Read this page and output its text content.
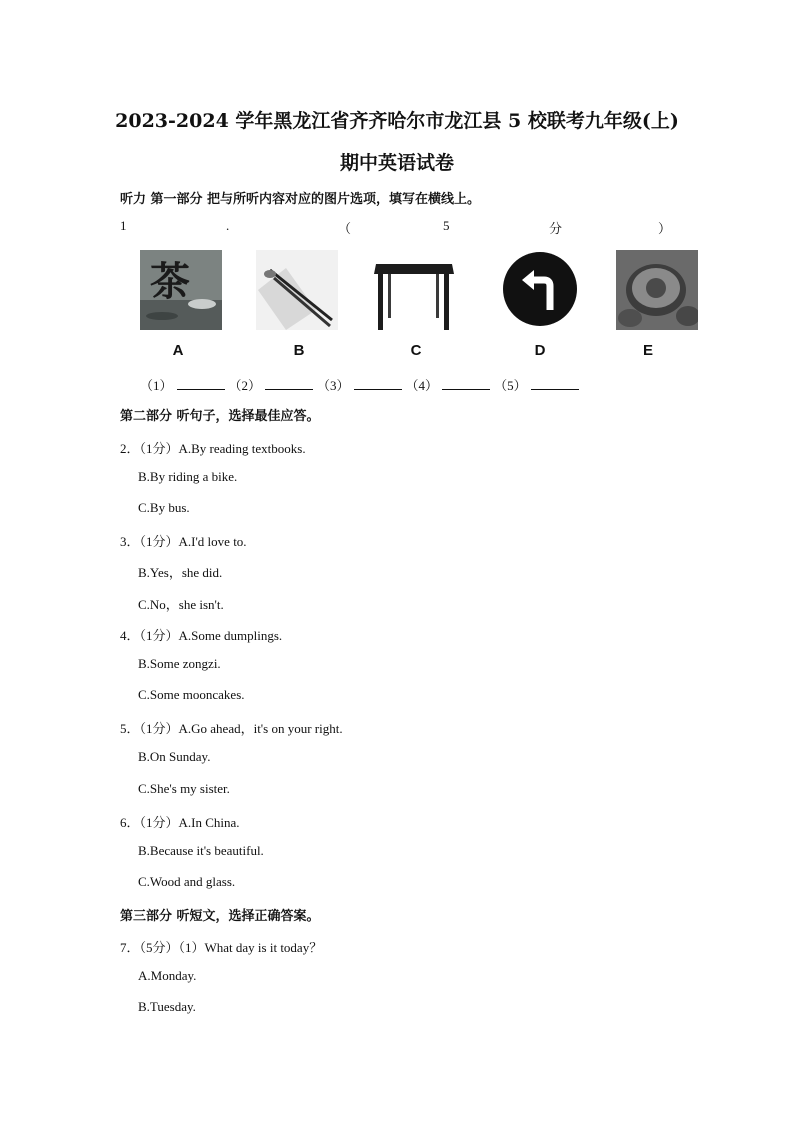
2023-2024 学年黑龙江省齐齐哈尔市龙江县 5 校联考九年级(上)
期中英语试卷
听力 第一部分 把与所听内容对应的图片选项，填写在横线上。
1	.	（	5	分	）
茶
A	B	C	D	E
（1）	（2）	（3）	（4）	（5）
第二部分 听句子，选择最佳应答。
2．（1分）A.By reading textbooks.
B.By riding a bike.
C.By bus.
3．（1分）A.I'd love to.
B.Yes，she did.
C.No，she isn't.
4．（1分）A.Some dumplings.
B.Some zongzi.
C.Some mooncakes.
5．（1分）A.Go ahead，it's on your right.
B.On Sunday.
C.She's my sister.
6．（1分）A.In China.
B.Because it's beautiful.
C.Wood and glass.
第三部分 听短文，选择正确答案。
7．（5分）（1）What day is it today？
A.Monday.
B.Tuesday.
